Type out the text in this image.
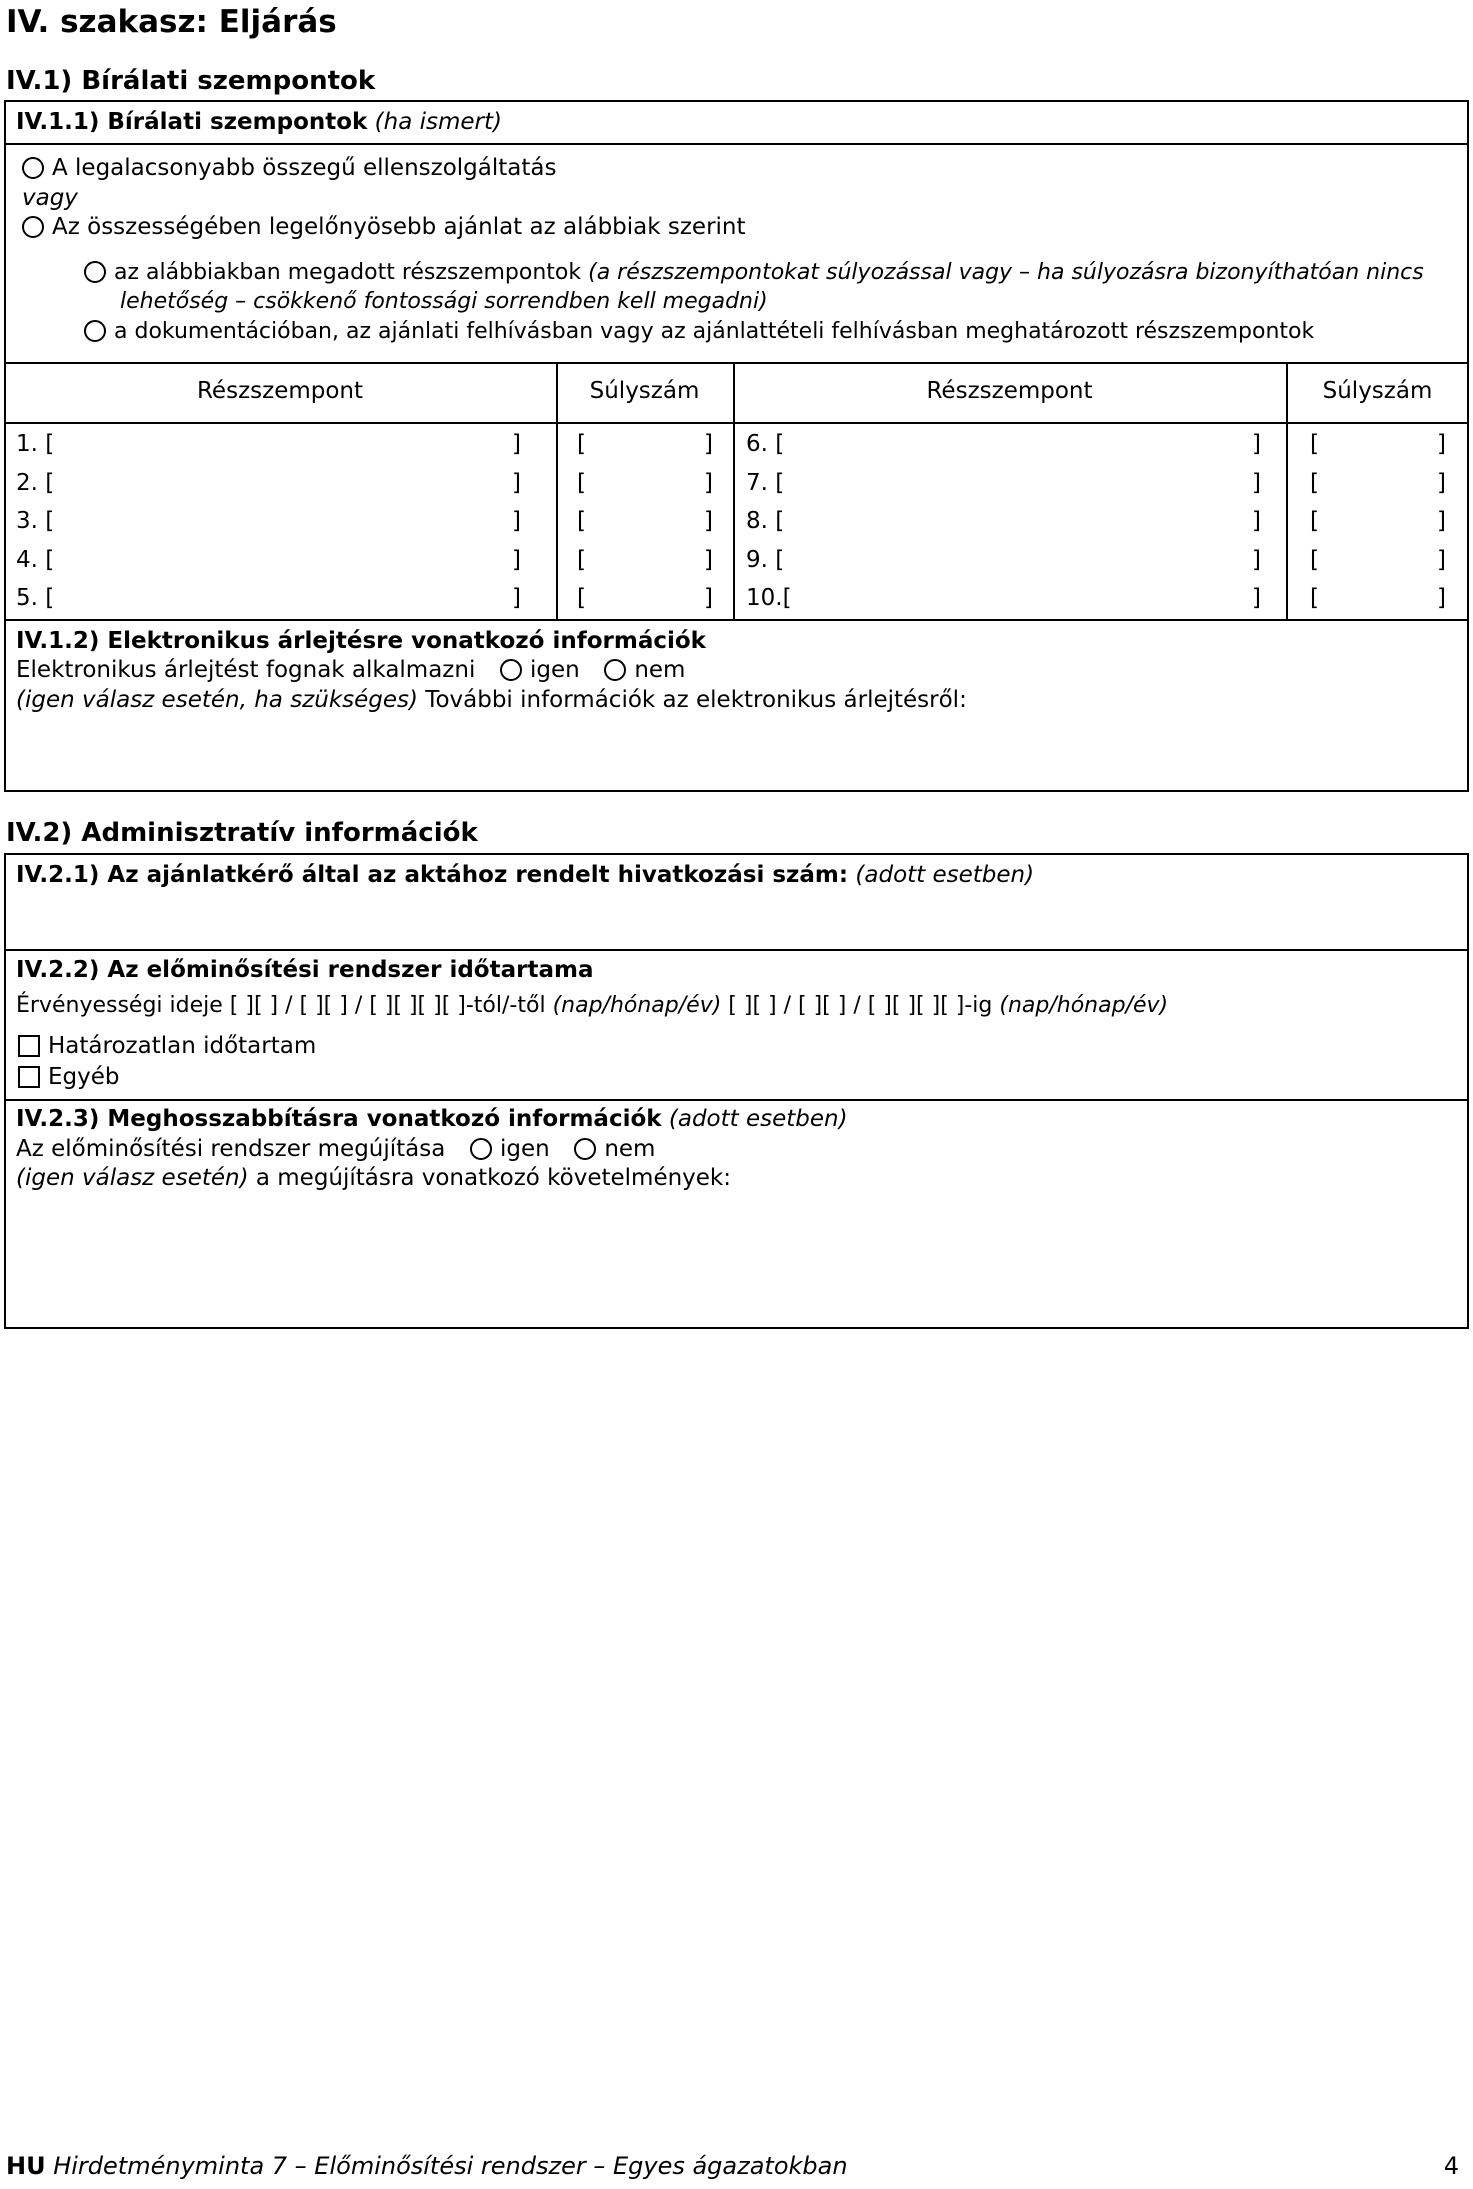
IV. szakasz: Eljárás
IV.1) Bírálati szempontok
IV.1.1) Bírálati szempontok (ha ismert)
A legalacsonyabb összegű ellenszolgáltatás
vagy
Az összességében legelőnyösebb ajánlat az alábbiak szerint
az alábbiakban megadott részszempontok (a részszempontokat súlyozással vagy – ha súlyozásra bizonyíthatóan nincs
lehetőség – csökkenő fontossági sorrendben kell megadni)
a dokumentációban, az ajánlati felhívásban vagy az ajánlattételi felhívásban meghatározott részszempontok
Részszempont	Súlyszám	Részszempont	Súlyszám
1. [	] [	] 6. [	] [	]
2. [	] [	] 7. [	] [	]
3. [	] [	] 8. [	] [	]
4. [	] [	] 9. [	] [	]
5. [	] [	] 10.[	] [	]
IV.1.2) Elektronikus árlejtésre vonatkozó információk
Elektronikus árlejtést fognak alkalmazni igen nem
(igen válasz esetén, ha szükséges) További információk az elektronikus árlejtésről:
IV.2) Adminisztratív információk
IV.2.1) Az ajánlatkérő által az aktához rendelt hivatkozási szám: (adott esetben)
IV.2.2) Az előminősítési rendszer időtartama
Érvényességi ideje [ ][ ] / [ ][ ] / [ ][ ][ ][ ]-tól/-től (nap/hónap/év) [ ][ ] / [ ][ ] / [ ][ ][ ][ ]-ig (nap/hónap/év)
Határozatlan időtartam
Egyéb
IV.2.3) Meghosszabbításra vonatkozó információk (adott esetben)
Az előminősítési rendszer megújítása igen nem
(igen válasz esetén) a megújításra vonatkozó követelmények:
HU Hirdetményminta 7 – Előminősítési rendszer – Egyes ágazatokban	4
